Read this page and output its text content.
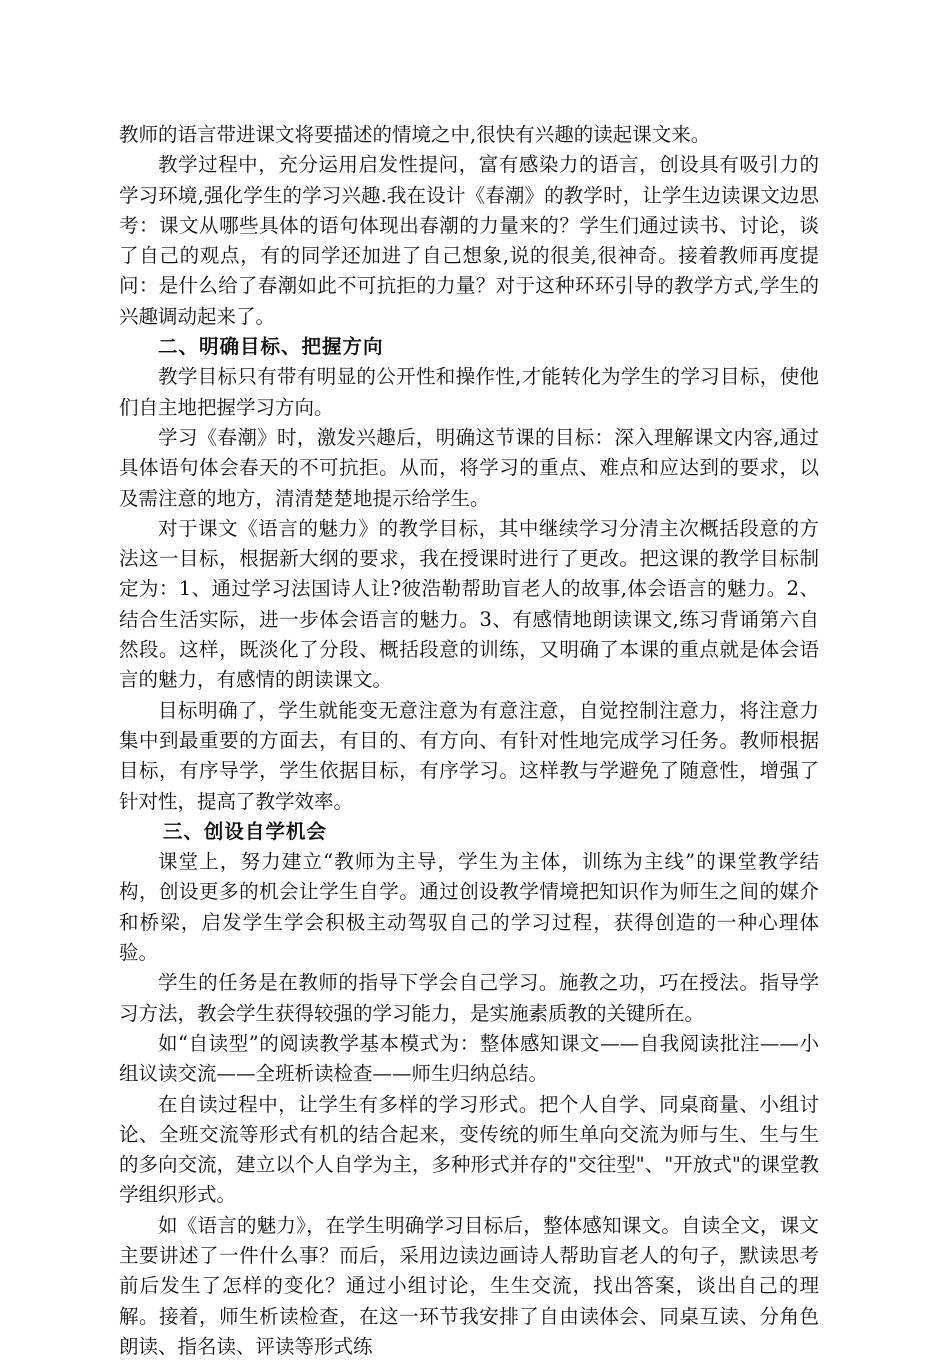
教师的语言带进课文将要描述的情境之中,很快有兴趣的读起课文来。

教学过程中，充分运用启发性提问，富有感染力的语言，创设具有吸引力的学习环境,强化学生的学习兴趣.我在设计《春潮》的教学时，让学生边读课文边思考：课文从哪些具体的语句体现出春潮的力量来的？学生们通过读书、讨论，谈了自己的观点，有的同学还加进了自己想象,说的很美,很神奇。接着教师再度提问：是什么给了春潮如此不可抗拒的力量？对于这种环环引导的教学方式,学生的兴趣调动起来了。

二、明确目标、把握方向

教学目标只有带有明显的公开性和操作性,才能转化为学生的学习目标，使他们自主地把握学习方向。

学习《春潮》时，激发兴趣后，明确这节课的目标：深入理解课文内容,通过具体语句体会春天的不可抗拒。从而，将学习的重点、难点和应达到的要求，以及需注意的地方，清清楚楚地提示给学生。

对于课文《语言的魅力》的教学目标，其中继续学习分清主次概括段意的方法这一目标，根据新大纲的要求，我在授课时进行了更改。把这课的教学目标制定为：1、通过学习法国诗人让?彼浩勒帮助盲老人的故事,体会语言的魅力。2、结合生活实际，进一步体会语言的魅力。3、有感情地朗读课文,练习背诵第六自然段。这样，既淡化了分段、概括段意的训练，又明确了本课的重点就是体会语言的魅力，有感情的朗读课文。

目标明确了，学生就能变无意注意为有意注意，自觉控制注意力，将注意力集中到最重要的方面去，有目的、有方向、有针对性地完成学习任务。教师根据目标，有序导学，学生依据目标，有序学习。这样教与学避免了随意性，增强了针对性，提高了教学效率。

三、创设自学机会

课堂上，努力建立“教师为主导，学生为主体，训练为主线”的课堂教学结构，创设更多的机会让学生自学。通过创设教学情境把知识作为师生之间的媒介和桥梁，启发学生学会积极主动驾驭自己的学习过程，获得创造的一种心理体验。

学生的任务是在教师的指导下学会自己学习。施教之功，巧在授法。指导学习方法，教会学生获得较强的学习能力，是实施素质教的关键所在。

如“自读型”的阅读教学基本模式为：整体感知课文——自我阅读批注——小组议读交流——全班析读检查——师生归纳总结。

在自读过程中，让学生有多样的学习形式。把个人自学、同桌商量、小组讨论、全班交流等形式有机的结合起来，变传统的师生单向交流为师与生、生与生的多向交流，建立以个人自学为主，多种形式并存的"交往型"、"开放式"的课堂教学组织形式。

如《语言的魅力》，在学生明确学习目标后，整体感知课文。自读全文，课文主要讲述了一件什么事？而后，采用边读边画诗人帮助盲老人的句子，默读思考前后发生了怎样的变化？通过小组讨论，生生交流，找出答案，谈出自己的理解。接着，师生析读检查，在这一环节我安排了自由读体会、同桌互读、分角色朗读、指名读、评读等形式练
